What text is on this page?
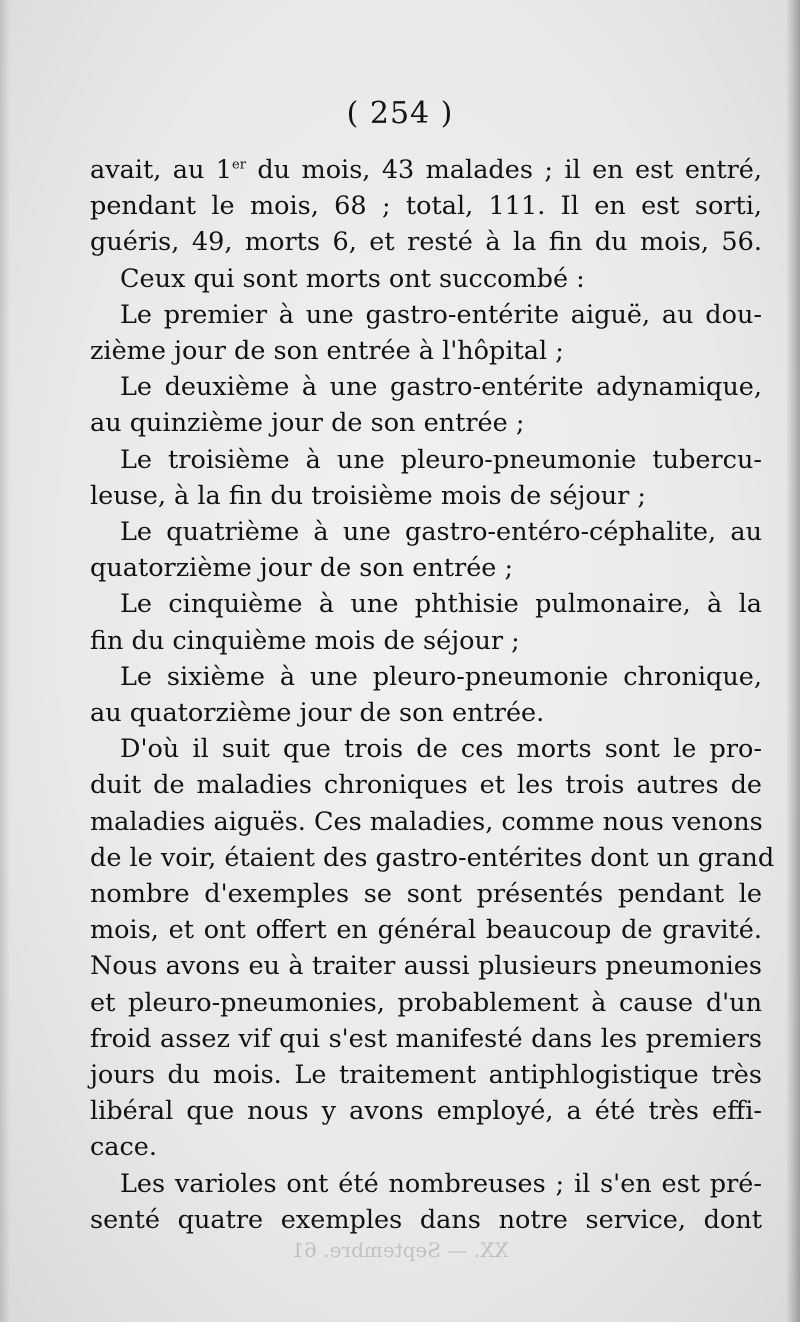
( 254 )
avait, au 1er du mois, 43 malades ; il en est entré,
pendant le mois, 68 ; total, 111. Il en est sorti,
guéris, 49, morts 6, et resté à la fin du mois, 56.
Ceux qui sont morts ont succombé :
Le premier à une gastro-entérite aiguë, au dou-
zième jour de son entrée à l'hôpital ;
Le deuxième à une gastro-entérite adynamique,
au quinzième jour de son entrée ;
Le troisième à une pleuro-pneumonie tubercu-
leuse, à la fin du troisième mois de séjour ;
Le quatrième à une gastro-entéro-céphalite, au
quatorzième jour de son entrée ;
Le cinquième à une phthisie pulmonaire, à la
fin du cinquième mois de séjour ;
Le sixième à une pleuro-pneumonie chronique,
au quatorzième jour de son entrée.
D'où il suit que trois de ces morts sont le pro-
duit de maladies chroniques et les trois autres de
maladies aiguës. Ces maladies, comme nous venons
de le voir, étaient des gastro-entérites dont un grand
nombre d'exemples se sont présentés pendant le
mois, et ont offert en général beaucoup de gravité.
Nous avons eu à traiter aussi plusieurs pneumonies
et pleuro-pneumonies, probablement à cause d'un
froid assez vif qui s'est manifesté dans les premiers
jours du mois. Le traitement antiphlogistique très
libéral que nous y avons employé, a été très effi-
cace.
Les varioles ont été nombreuses ; il s'en est pré-
senté quatre exemples dans notre service, dont
XX. — Septembre. 61
